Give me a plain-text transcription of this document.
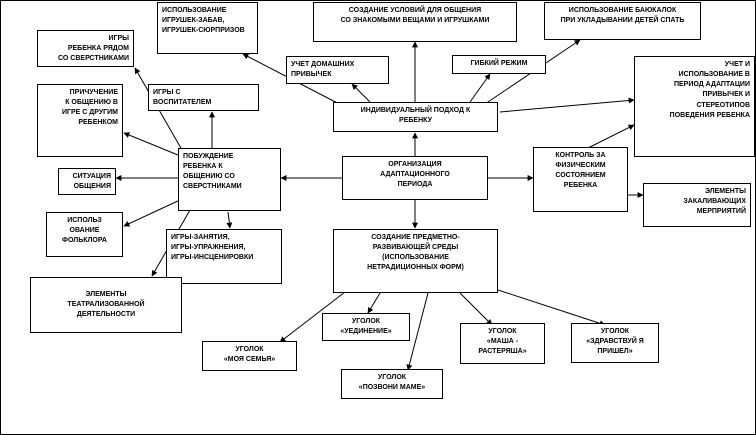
ИСПОЛЬЗОВАНИЕ
ИГРУШЕК-ЗАБАВ,
ИГРУШЕК-СЮРПРИЗОВ
СОЗДАНИЕ УСЛОВИЙ ДЛЯ ОБЩЕНИЯ
СО ЗНАКОМЫМИ ВЕЩАМИ И ИГРУШКАМИ
ИСПОЛЬЗОВАНИЕ БАЮКАЛОК
ПРИ УКЛАДЫВАНИИ ДЕТЕЙ СПАТЬ
УЧЕТ ДОМАШНИХ
ПРИВЫЧЕК
ГИБКИЙ РЕЖИМ
ИНДИВИДУАЛЬНЫЙ ПОДХОД К
РЕБЕНКУ
УЧЕТ И
ИСПОЛЬЗОВАНИЕ В
ПЕРИОД АДАПТАЦИИ
ПРИВЫЧЕК И
СТЕРЕОТИПОВ
ПОВЕДЕНИЯ РЕБЕНКА
ИГРЫ
РЕБЕНКА РЯДОМ
СО СВЕРСТНИКАМИ
ИГРЫ С
ВОСПИТАТЕЛЕМ
ПРИЧУЧЕНИЕ
К ОБЩЕНИЮ В
ИГРЕ С ДРУГИМ
РЕБЕНКОМ
ПОБУЖДЕНИЕ
РЕБЕНКА К
ОБЩЕНИЮ СО
СВЕРСТНИКАМИ
СИТУАЦИЯ
ОБЩЕНИЯ
ИСПОЛЬЗ
ОВАНИЕ
ФОЛЬКЛОРА	ИГРЫ-ЗАНЯТИЯ,
ИГРЫ-УПРАЖНЕНИЯ,
ИГРЫ-ИНСЦЕНИРОВКИ
ЭЛЕМЕНТЫ
ТЕАТРАЛИЗОВАННОЙ
ДЕЯТЕЛЬНОСТИ
ОРГАНИЗАЦИЯ
АДАПТАЦИОННОГО
ПЕРИОДА
КОНТРОЛЬ ЗА
ФИЗИЧЕСКИМ
СОСТОЯНИЕМ
РЕБЕНКА
ЭЛЕМЕНТЫ
ЗАКАЛИВАЮЩИХ
МЕРПРИЯТИЙ
СОЗДАНИЕ ПРЕДМЕТНО-
РАЗВИВАЮЩЕЙ СРЕДЫ
(ИСПОЛЬЗОВАНИЕ
НЕТРАДИЦИОННЫХ ФОРМ)
УГОЛОК
«МОЯ СЕМЬЯ»
УГОЛОК
«УЕДИНЕНИЕ»	УГОЛОК
«МАША -
РАСТЕРЯША»
УГОЛОК
«ЗДРАВСТВУЙ Я
ПРИШЕЛ»
УГОЛОК
«ПОЗВОНИ МАМЕ»
